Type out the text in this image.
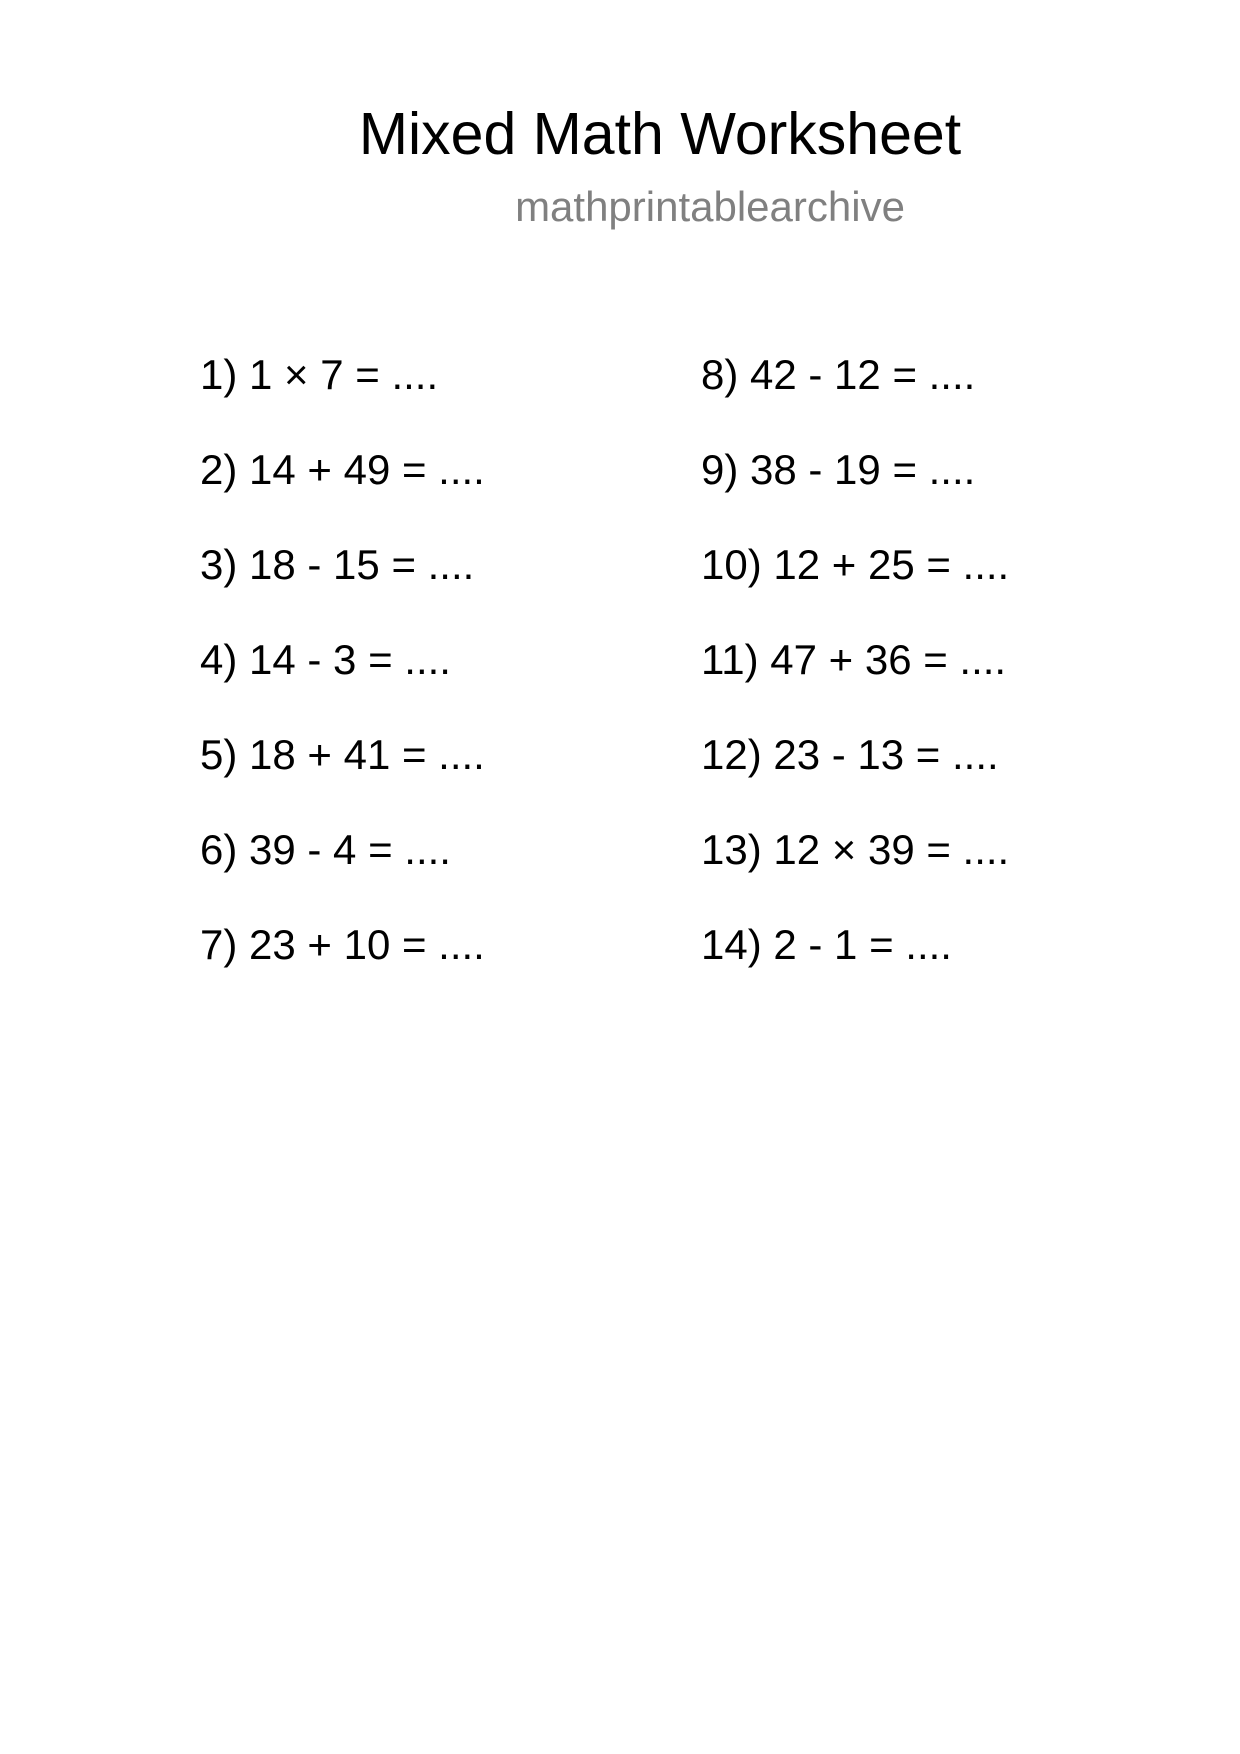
Mixed Math Worksheet
mathprintablearchive
1) 1 × 7 = ....
2) 14 + 49 = ....
3) 18 - 15 = ....
4) 14 - 3 = ....
5) 18 + 41 = ....
6) 39 - 4 = ....
7) 23 + 10 = ....
8) 42 - 12 = ....
9) 38 - 19 = ....
10) 12 + 25 = ....
11) 47 + 36 = ....
12) 23 - 13 = ....
13) 12 × 39 = ....
14) 2 - 1 = ....
